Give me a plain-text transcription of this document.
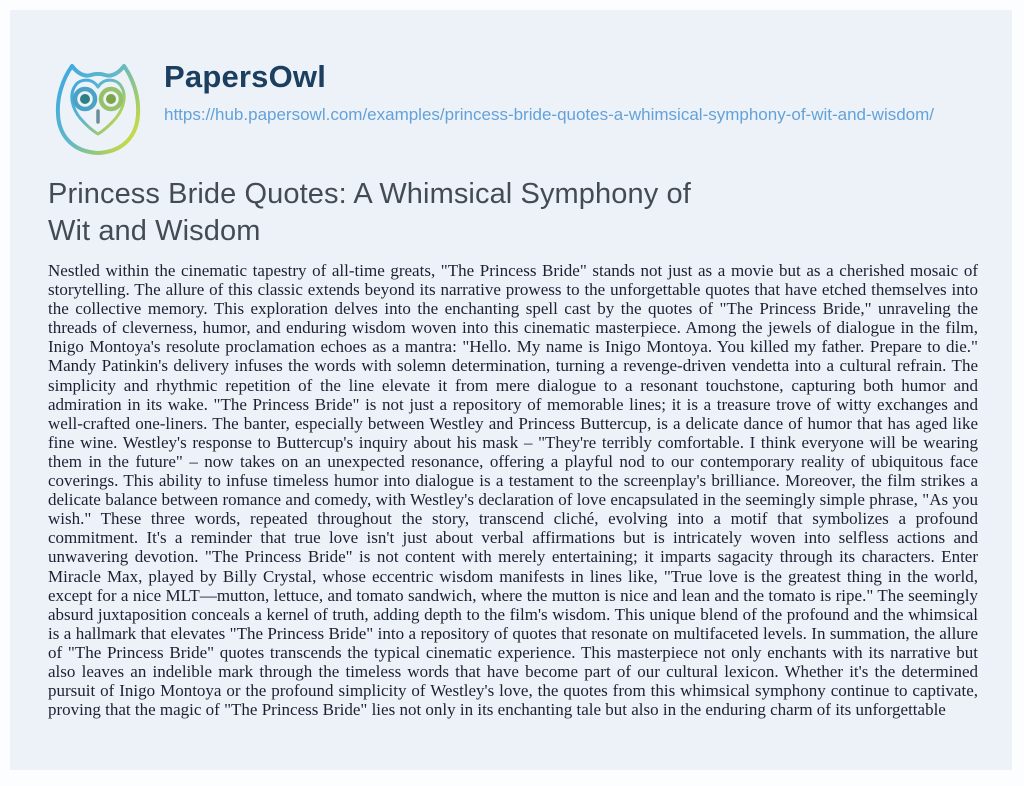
PapersOwl
https://hub.papersowl.com/examples/princess-bride-quotes-a-whimsical-symphony-of-wit-and-wisdom/
Princess Bride Quotes: A Whimsical Symphony of Wit and Wisdom

Nestled within the cinematic tapestry of all-time greats, "The Princess Bride" stands not just as a movie but as a cherished mosaic of storytelling. The allure of this classic extends beyond its narrative prowess to the unforgettable quotes that have etched themselves into the collective memory. This exploration delves into the enchanting spell cast by the quotes of "The Princess Bride," unraveling the threads of cleverness, humor, and enduring wisdom woven into this cinematic masterpiece. Among the jewels of dialogue in the film, Inigo Montoya's resolute proclamation echoes as a mantra: "Hello. My name is Inigo Montoya. You killed my father. Prepare to die." Mandy Patinkin's delivery infuses the words with solemn determination, turning a revenge-driven vendetta into a cultural refrain. The simplicity and rhythmic repetition of the line elevate it from mere dialogue to a resonant touchstone, capturing both humor and admiration in its wake. "The Princess Bride" is not just a repository of memorable lines; it is a treasure trove of witty exchanges and well-crafted one-liners. The banter, especially between Westley and Princess Buttercup, is a delicate dance of humor that has aged like fine wine. Westley's response to Buttercup's inquiry about his mask – "They're terribly comfortable. I think everyone will be wearing them in the future" – now takes on an unexpected resonance, offering a playful nod to our contemporary reality of ubiquitous face coverings. This ability to infuse timeless humor into dialogue is a testament to the screenplay's brilliance. Moreover, the film strikes a delicate balance between romance and comedy, with Westley's declaration of love encapsulated in the seemingly simple phrase, "As you wish." These three words, repeated throughout the story, transcend cliché, evolving into a motif that symbolizes a profound commitment. It's a reminder that true love isn't just about verbal affirmations but is intricately woven into selfless actions and unwavering devotion. "The Princess Bride" is not content with merely entertaining; it imparts sagacity through its characters. Enter Miracle Max, played by Billy Crystal, whose eccentric wisdom manifests in lines like, "True love is the greatest thing in the world, except for a nice MLT—mutton, lettuce, and tomato sandwich, where the mutton is nice and lean and the tomato is ripe." The seemingly absurd juxtaposition conceals a kernel of truth, adding depth to the film's wisdom. This unique blend of the profound and the whimsical is a hallmark that elevates "The Princess Bride" into a repository of quotes that resonate on multifaceted levels. In summation, the allure of "The Princess Bride" quotes transcends the typical cinematic experience. This masterpiece not only enchants with its narrative but also leaves an indelible mark through the timeless words that have become part of our cultural lexicon. Whether it's the determined pursuit of Inigo Montoya or the profound simplicity of Westley's love, the quotes from this whimsical symphony continue to captivate, proving that the magic of "The Princess Bride" lies not only in its enchanting tale but also in the enduring charm of its unforgettable
